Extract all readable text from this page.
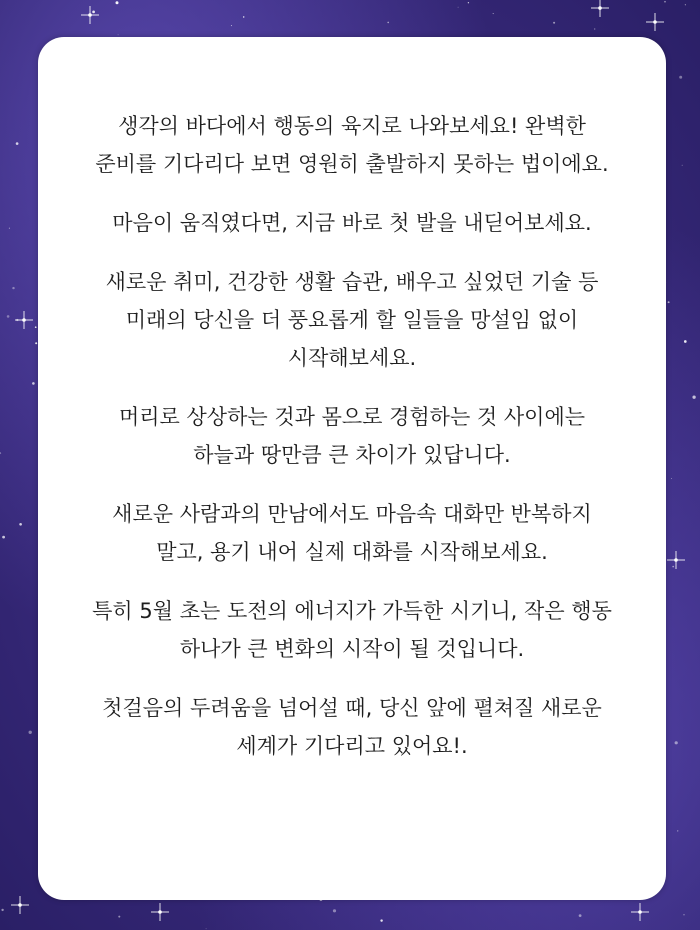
생각의 바다에서 행동의 육지로 나와보세요! 완벽한
준비를 기다리다 보면 영원히 출발하지 못하는 법이에요.

마음이 움직였다면, 지금 바로 첫 발을 내딛어보세요.

새로운 취미, 건강한 생활 습관, 배우고 싶었던 기술 등
미래의 당신을 더 풍요롭게 할 일들을 망설임 없이
시작해보세요.

머리로 상상하는 것과 몸으로 경험하는 것 사이에는
하늘과 땅만큼 큰 차이가 있답니다.

새로운 사람과의 만남에서도 마음속 대화만 반복하지
말고, 용기 내어 실제 대화를 시작해보세요.

특히 5월 초는 도전의 에너지가 가득한 시기니, 작은 행동
하나가 큰 변화의 시작이 될 것입니다.

첫걸음의 두려움을 넘어설 때, 당신 앞에 펼쳐질 새로운
세계가 기다리고 있어요!.
